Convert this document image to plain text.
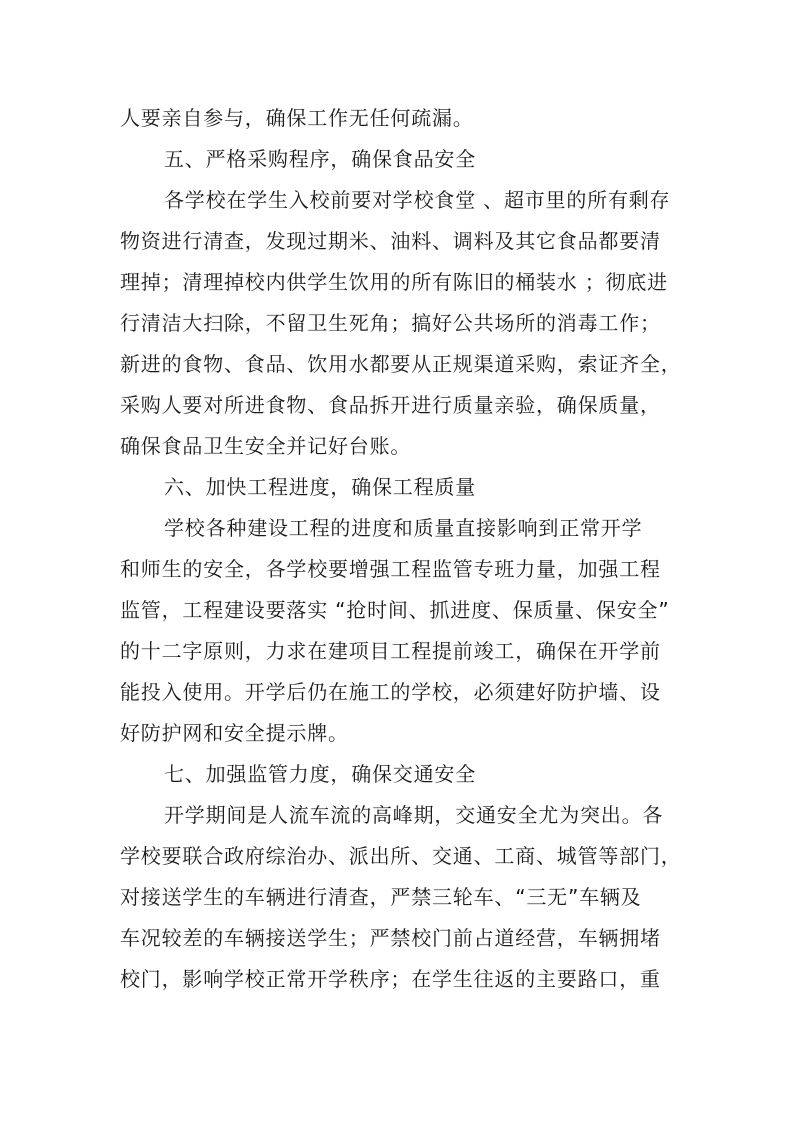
人要亲自参与，确保工作无任何疏漏。
五、严格采购程序，确保食品安全
各学校在学生入校前要对学校食堂 、超市里的所有剩存
物资进行清查，发现过期米、油料、调料及其它食品都要清
理掉；清理掉校内供学生饮用的所有陈旧的桶装水 ；彻底进
行清洁大扫除，不留卫生死角；搞好公共场所的消毒工作；
新进的食物、食品、饮用水都要从正规渠道采购，索证齐全，
采购人要对所进食物、食品拆开进行质量亲验，确保质量，
确保食品卫生安全并记好台账。
六、加快工程进度，确保工程质量
学校各种建设工程的进度和质量直接影响到正常开学
和师生的安全，各学校要增强工程监管专班力量，加强工程
监管，工程建设要落实 “抢时间、抓进度、保质量、保安全”
的十二字原则，力求在建项目工程提前竣工，确保在开学前
能投入使用。开学后仍在施工的学校，必须建好防护墙、设
好防护网和安全提示牌。
七、加强监管力度，确保交通安全
开学期间是人流车流的高峰期，交通安全尤为突出。各
学校要联合政府综治办、派出所、交通、工商、城管等部门，
对接送学生的车辆进行清查，严禁三轮车、“三无”车辆及
车况较差的车辆接送学生；严禁校门前占道经营，车辆拥堵
校门，影响学校正常开学秩序；在学生往返的主要路口，重
